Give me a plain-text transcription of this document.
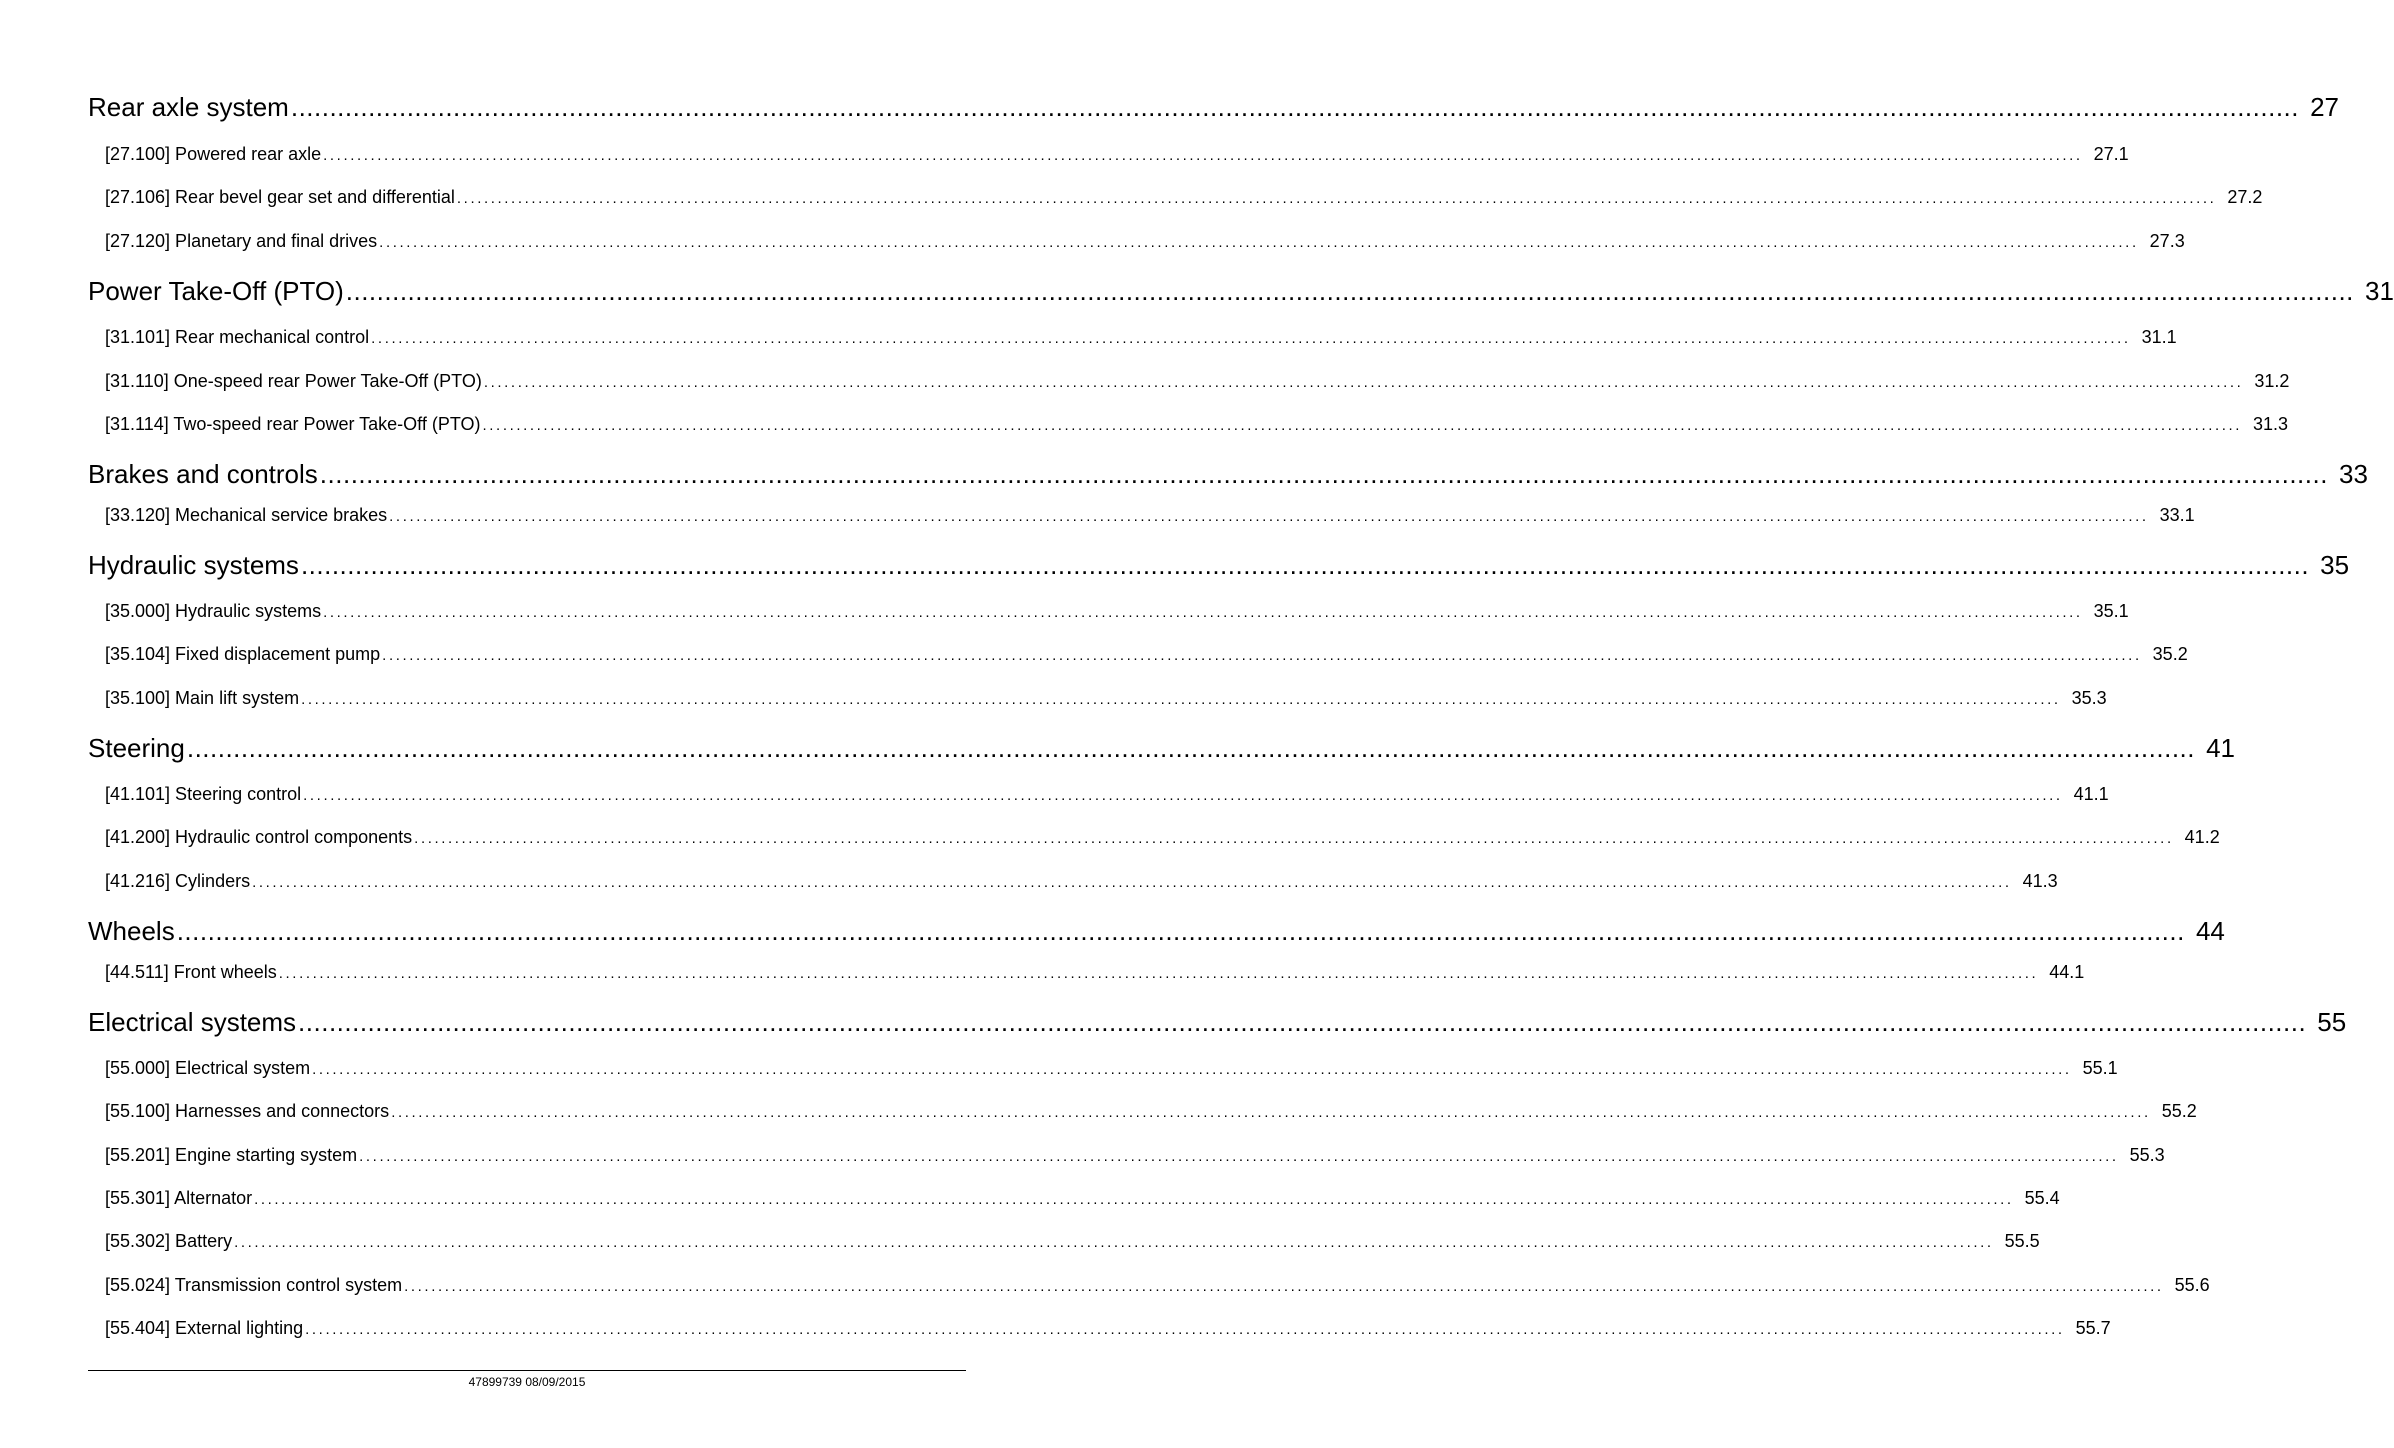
Rear axle system .................................................................................................................................................................................................................................................................... 27
[27.100] Powered rear axle .................................................................................................................................................................................................................................................................... 27.1
[27.106] Rear bevel gear set and differential .................................................................................................................................................................................................................................................................... 27.2
[27.120] Planetary and final drives .................................................................................................................................................................................................................................................................... 27.3
Power Take-Off (PTO) .................................................................................................................................................................................................................................................................... 31
[31.101] Rear mechanical control .................................................................................................................................................................................................................................................................... 31.1
[31.110] One-speed rear Power Take-Off (PTO) .................................................................................................................................................................................................................................................................... 31.2
[31.114] Two-speed rear Power Take-Off (PTO) .................................................................................................................................................................................................................................................................... 31.3
Brakes and controls .................................................................................................................................................................................................................................................................... 33
[33.120] Mechanical service brakes .................................................................................................................................................................................................................................................................... 33.1
Hydraulic systems .................................................................................................................................................................................................................................................................... 35
[35.000] Hydraulic systems .................................................................................................................................................................................................................................................................... 35.1
[35.104] Fixed displacement pump .................................................................................................................................................................................................................................................................... 35.2
[35.100] Main lift system .................................................................................................................................................................................................................................................................... 35.3
Steering .................................................................................................................................................................................................................................................................... 41
[41.101] Steering control .................................................................................................................................................................................................................................................................... 41.1
[41.200] Hydraulic control components .................................................................................................................................................................................................................................................................... 41.2
[41.216] Cylinders .................................................................................................................................................................................................................................................................... 41.3
Wheels .................................................................................................................................................................................................................................................................... 44
[44.511] Front wheels .................................................................................................................................................................................................................................................................... 44.1
Electrical systems .................................................................................................................................................................................................................................................................... 55
[55.000] Electrical system .................................................................................................................................................................................................................................................................... 55.1
[55.100] Harnesses and connectors .................................................................................................................................................................................................................................................................... 55.2
[55.201] Engine starting system .................................................................................................................................................................................................................................................................... 55.3
[55.301] Alternator .................................................................................................................................................................................................................................................................... 55.4
[55.302] Battery .................................................................................................................................................................................................................................................................... 55.5
[55.024] Transmission control system .................................................................................................................................................................................................................................................................... 55.6
[55.404] External lighting .................................................................................................................................................................................................................................................................... 55.7
47899739 08/09/2015
